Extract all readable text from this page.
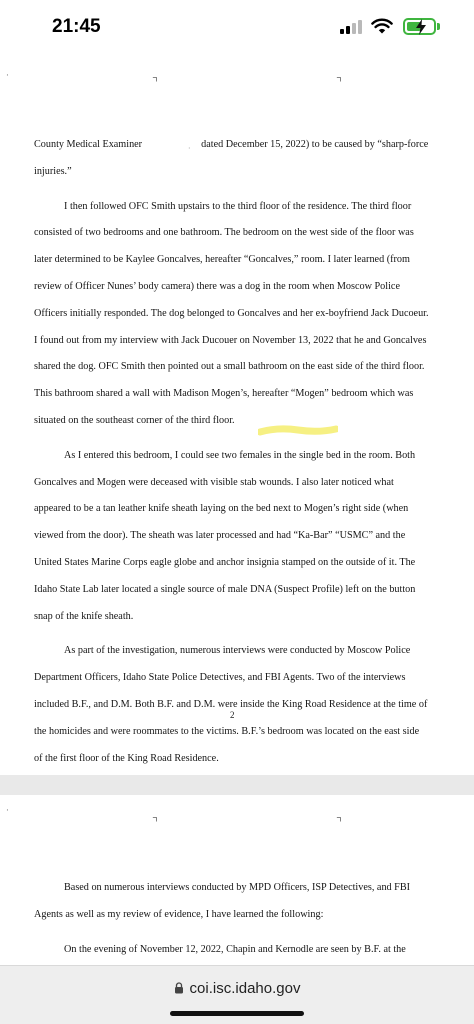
21:45
·	⌝	⌝
·

County Medical Examiner	dated December 15, 2022) to be caused by “sharp-force
injuries.”

I then followed OFC Smith upstairs to the third floor of the residence. The third floor
consisted of two bedrooms and one bathroom. The bedroom on the west side of the floor was
later determined to be Kaylee Goncalves, hereafter “Goncalves,” room. I later learned (from
review of Officer Nunes’ body camera) there was a dog in the room when Moscow Police
Officers initially responded. The dog belonged to Goncalves and her ex-boyfriend Jack Ducoeur.
I found out from my interview with Jack Ducouer on November 13, 2022 that he and Goncalves
shared the dog. OFC Smith then pointed out a small bathroom on the east side of the third floor.
This bathroom shared a wall with Madison Mogen’s, hereafter “Mogen” bedroom which was
situated on the southeast corner of the third floor.

As I entered this bedroom, I could see two females in the single bed in the room. Both
Goncalves and Mogen were deceased with visible stab wounds. I also later noticed what
appeared to be a tan leather knife sheath laying on the bed next to Mogen’s right side (when
viewed from the door). The sheath was later processed and had “Ka-Bar” “USMC” and the
United States Marine Corps eagle globe and anchor insignia stamped on the outside of it. The
Idaho State Lab later located a single source of male DNA (Suspect Profile) left on the button
snap of the knife sheath.

As part of the investigation, numerous interviews were conducted by Moscow Police
Department Officers, Idaho State Police Detectives, and FBI Agents. Two of the interviews
included B.F., and D.M. Both B.F. and D.M. were inside the King Road Residence at the time of
the homicides and were roommates to the victims. B.F.’s bedroom was located on the east side
of the first floor of the King Road Residence.

2
·
⌝	⌝

Based on numerous interviews conducted by MPD Officers, ISP Detectives, and FBI
Agents as well as my review of evidence, I have learned the following:

On the evening of November 12, 2022, Chapin and Kernodle are seen by B.F. at the

coi.isc.idaho.gov
